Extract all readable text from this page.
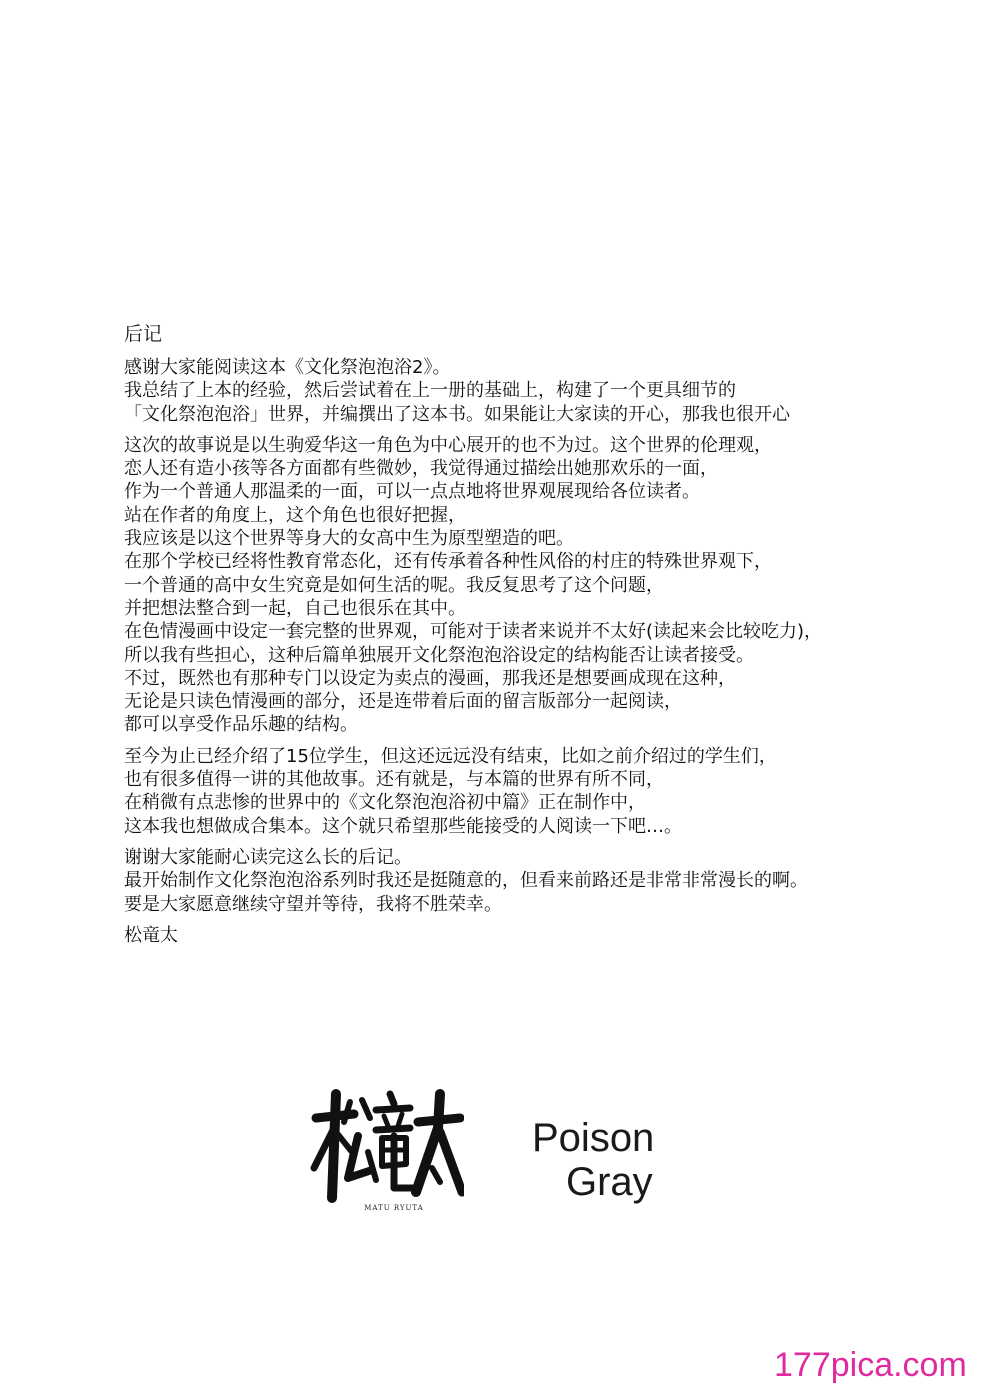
后记
感谢大家能阅读这本《文化祭泡泡浴2》。
我总结了上本的经验，然后尝试着在上一册的基础上，构建了一个更具细节的
「文化祭泡泡浴」世界，并编撰出了这本书。如果能让大家读的开心，那我也很开心
这次的故事说是以生驹爱华这一角色为中心展开的也不为过。这个世界的伦理观，
恋人还有造小孩等各方面都有些微妙，我觉得通过描绘出她那欢乐的一面，
作为一个普通人那温柔的一面，可以一点点地将世界观展现给各位读者。
站在作者的角度上，这个角色也很好把握，
我应该是以这个世界等身大的女高中生为原型塑造的吧。
在那个学校已经将性教育常态化，还有传承着各种性风俗的村庄的特殊世界观下，
一个普通的高中女生究竟是如何生活的呢。我反复思考了这个问题，
并把想法整合到一起，自己也很乐在其中。
在色情漫画中设定一套完整的世界观，可能对于读者来说并不太好(读起来会比较吃力)，
所以我有些担心，这种后篇单独展开文化祭泡泡浴设定的结构能否让读者接受。
不过，既然也有那种专门以设定为卖点的漫画，那我还是想要画成现在这种，
无论是只读色情漫画的部分，还是连带着后面的留言版部分一起阅读，
都可以享受作品乐趣的结构。
至今为止已经介绍了15位学生，但这还远远没有结束，比如之前介绍过的学生们，
也有很多值得一讲的其他故事。还有就是，与本篇的世界有所不同，
在稍微有点悲惨的世界中的《文化祭泡泡浴初中篇》正在制作中，
这本我也想做成合集本。这个就只希望那些能接受的人阅读一下吧…。
谢谢大家能耐心读完这么长的后记。
最开始制作文化祭泡泡浴系列时我还是挺随意的，但看来前路还是非常非常漫长的啊。
要是大家愿意继续守望并等待，我将不胜荣幸。
松竜太
MATU RYUTA
Poison
Gray
177pica.com
